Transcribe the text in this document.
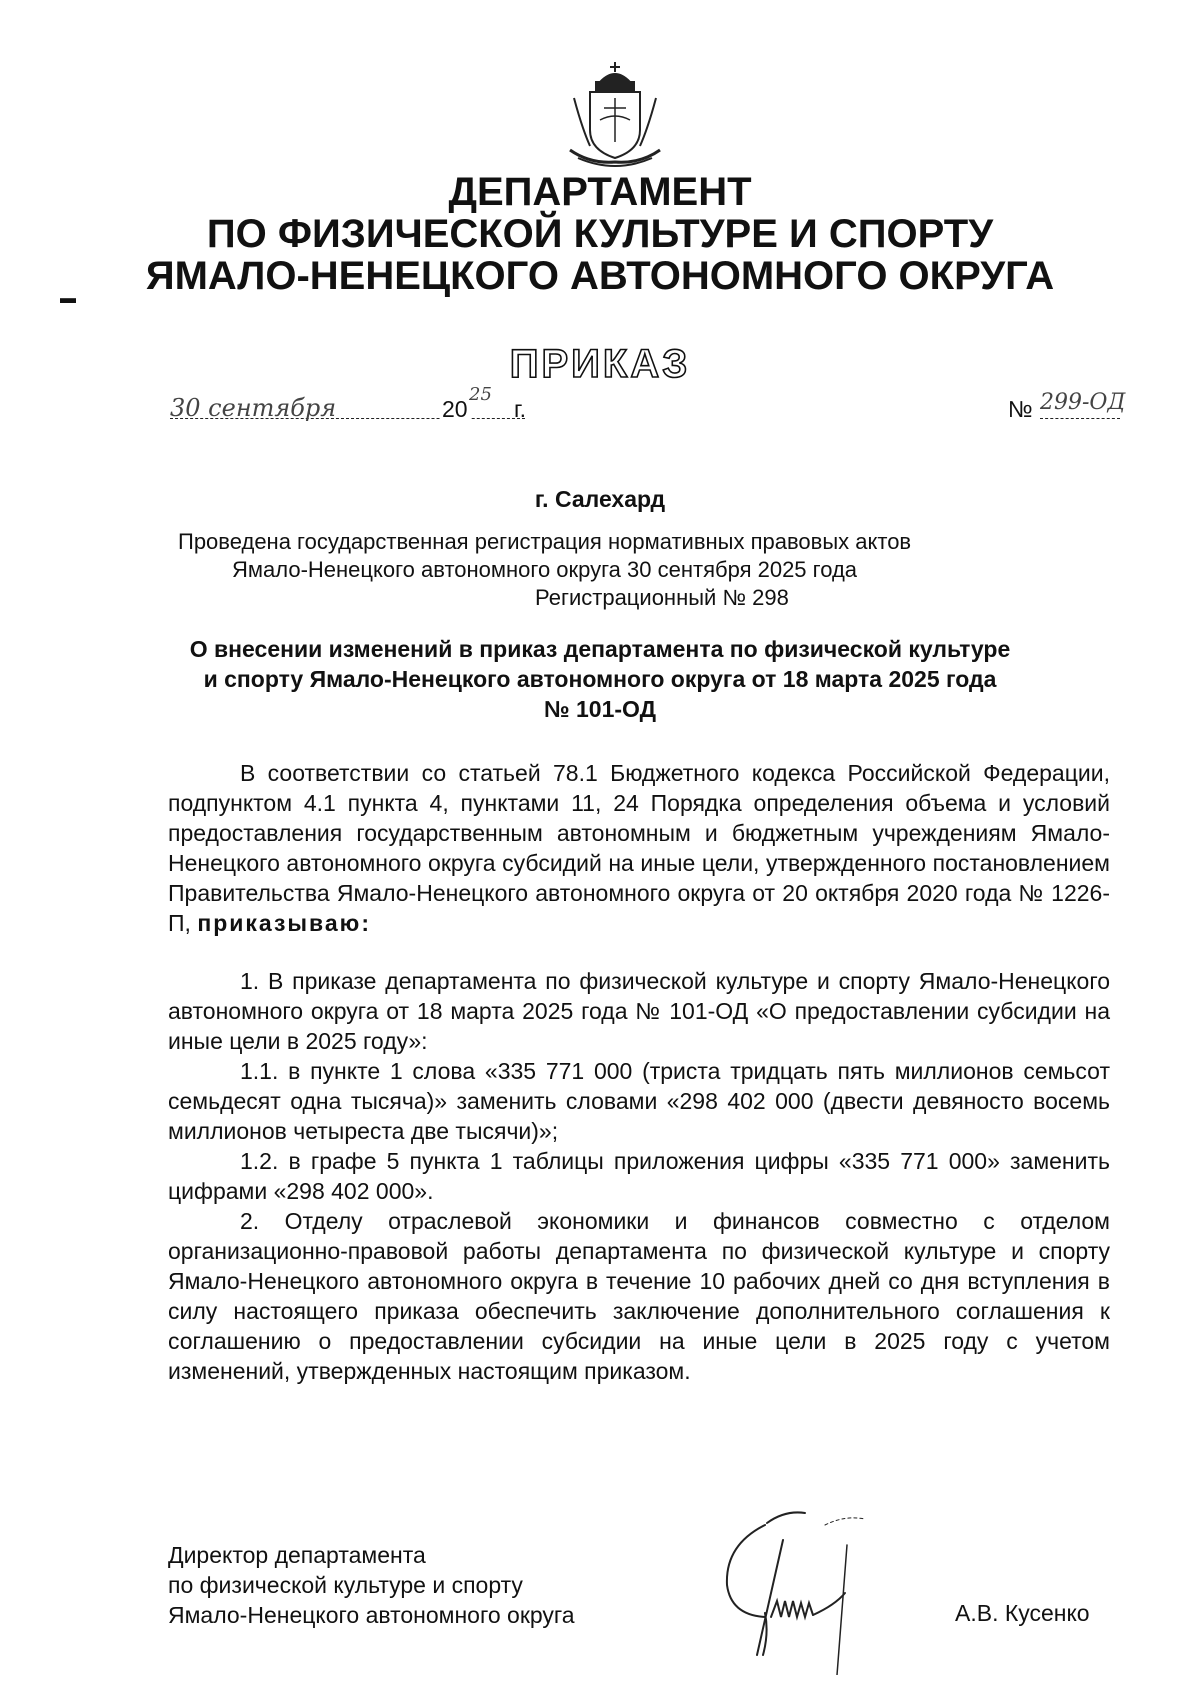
▬
ДЕПАРТАМЕНТ
ПО ФИЗИЧЕСКОЙ КУЛЬТУРЕ И СПОРТУ
ЯМАЛО-НЕНЕЦКОГО АВТОНОМНОГО ОКРУГА
ПРИКАЗ
30 сентября	20
25
г.	№ 299-ОД
г. Салехард
Проведена государственная регистрация нормативных правовых актов
Ямало-Ненецкого автономного округа 30 сентября 2025 года
Регистрационный № 298
О внесении изменений в приказ департамента по физической культуре
и спорту Ямало-Ненецкого автономного округа от 18 марта 2025 года
№ 101-ОД

В соответствии со статьей 78.1 Бюджетного кодекса Российской Федерации, подпунктом 4.1 пункта 4, пунктами 11, 24 Порядка определения объема и условий предоставления государственным автономным и бюджетным учреждениям Ямало-Ненецкого автономного округа субсидий на иные цели, утвержденного постановлением Правительства Ямало-Ненецкого автономного округа от 20 октября 2020 года № 1226-П, приказываю:

1. В приказе департамента по физической культуре и спорту Ямало-Ненецкого автономного округа от 18 марта 2025 года № 101-ОД «О предоставлении субсидии на иные цели в 2025 году»:

1.1. в пункте 1 слова «335 771 000 (триста тридцать пять миллионов семьсот семьдесят одна тысяча)» заменить словами «298 402 000 (двести девяносто восемь миллионов четыреста две тысячи)»;

1.2. в графе 5 пункта 1 таблицы приложения цифры «335 771 000» заменить цифрами «298 402 000».

2. Отделу отраслевой экономики и финансов совместно с отделом организационно-правовой работы департамента по физической культуре и спорту Ямало-Ненецкого автономного округа в течение 10 рабочих дней со дня вступления в силу настоящего приказа обеспечить заключение дополнительного соглашения к соглашению о предоставлении субсидии на иные цели в 2025 году с учетом изменений, утвержденных настоящим приказом.

Директор департамента
по физической культуре и спорту
Ямало-Ненецкого автономного округа	А.В. Кусенко
